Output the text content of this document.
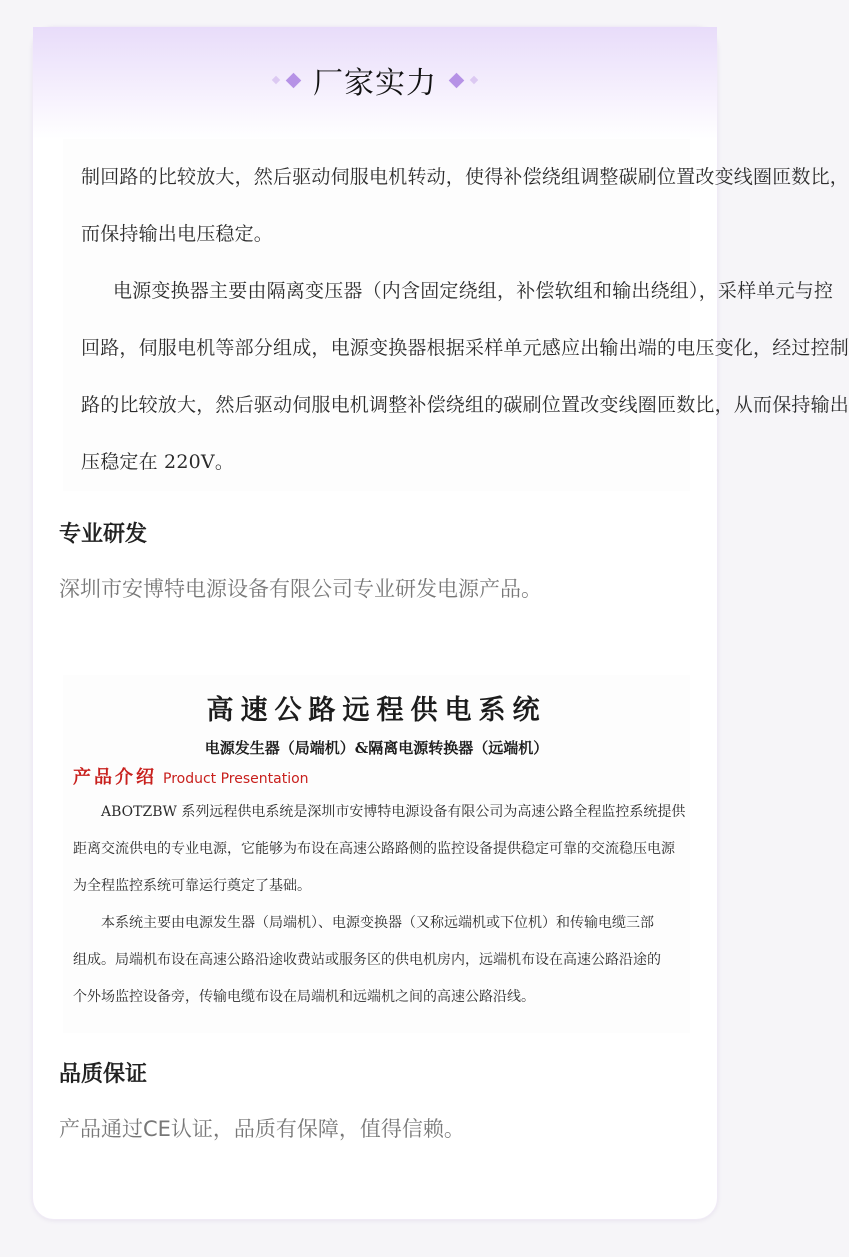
厂家实力
制回路的比较放大，然后驱动伺服电机转动，使得补偿绕组调整碳刷位置改变线圈匝数比，
而保持输出电压稳定。
电源变换器主要由隔离变压器（内含固定绕组，补偿软组和输出绕组），采样单元与控
回路，伺服电机等部分组成，电源变换器根据采样单元感应出输出端的电压变化，经过控制
路的比较放大，然后驱动伺服电机调整补偿绕组的碳刷位置改变线圈匝数比，从而保持输出
压稳定在 220V。
专业研发
深圳市安博特电源设备有限公司专业研发电源产品。
高速公路远程供电系统
电源发生器（局端机）&隔离电源转换器（远端机）
产品介绍 Product Presentation
ABOTZBW 系列远程供电系统是深圳市安博特电源设备有限公司为高速公路全程监控系统提供
距离交流供电的专业电源，它能够为布设在高速公路路侧的监控设备提供稳定可靠的交流稳压电源
为全程监控系统可靠运行奠定了基础。
本系统主要由电源发生器（局端机）、电源变换器（又称远端机或下位机）和传输电缆三部
组成。局端机布设在高速公路沿途收费站或服务区的供电机房内，远端机布设在高速公路沿途的
个外场监控设备旁，传输电缆布设在局端机和远端机之间的高速公路沿线。
品质保证
产品通过CE认证，品质有保障，值得信赖。
